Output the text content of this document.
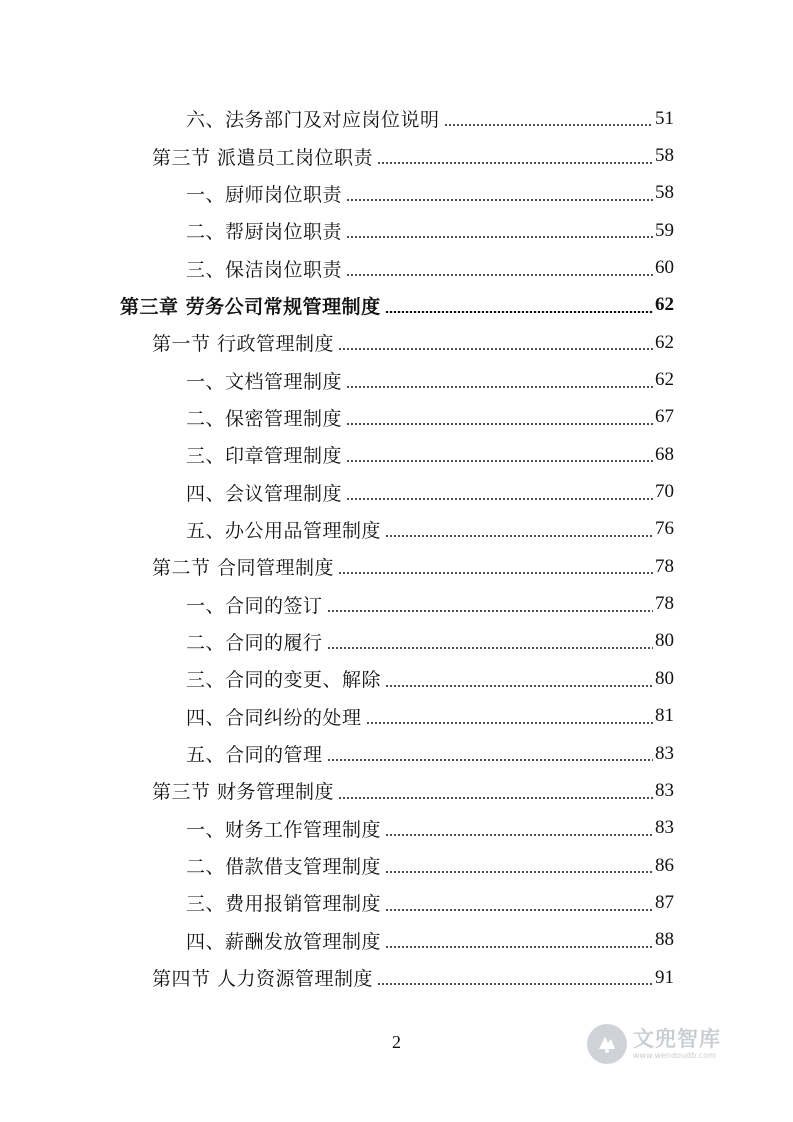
六、法务部门及对应岗位说明	51
第三节 派遣员工岗位职责	58
一、厨师岗位职责	58
二、帮厨岗位职责	59
三、保洁岗位职责	60
第三章 劳务公司常规管理制度	62
第一节 行政管理制度	62
一、文档管理制度	62
二、保密管理制度	67
三、印章管理制度	68
四、会议管理制度	70
五、办公用品管理制度	76
第二节 合同管理制度	78
一、合同的签订	78
二、合同的履行	80
三、合同的变更、解除	80
四、合同纠纷的处理	81
五、合同的管理	83
第三节 财务管理制度	83
一、财务工作管理制度	83
二、借款借支管理制度	86
三、费用报销管理制度	87
四、薪酬发放管理制度	88
第四节 人力资源管理制度	91
2	文兜智库
www.wendoudb.com
